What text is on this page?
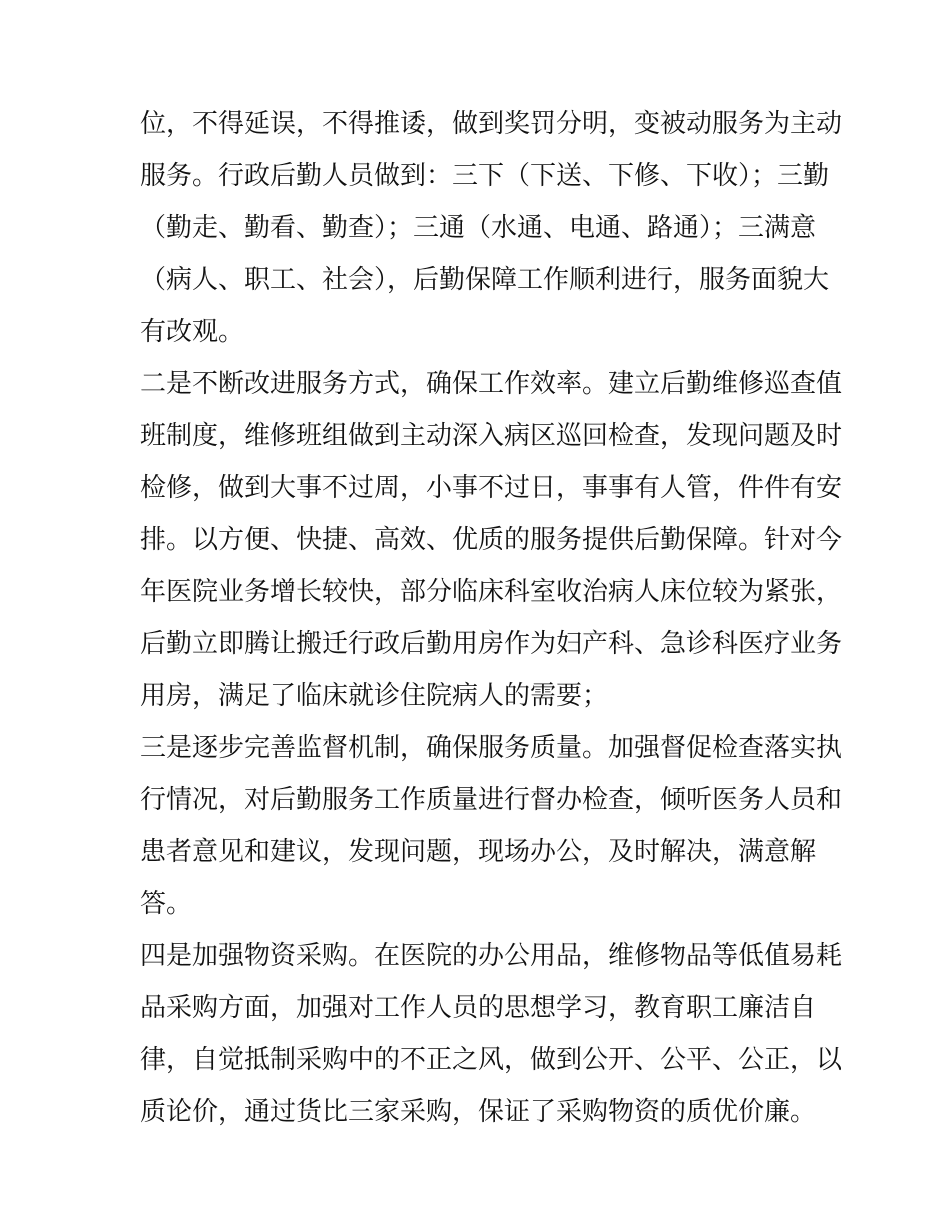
位，不得延误，不得推诿，做到奖罚分明，变被动服务为主动
服务。行政后勤人员做到：三下（下送、下修、下收）；三勤
（勤走、勤看、勤查）；三通（水通、电通、路通）；三满意
（病人、职工、社会），后勤保障工作顺利进行，服务面貌大
有改观。
二是不断改进服务方式，确保工作效率。建立后勤维修巡查值
班制度，维修班组做到主动深入病区巡回检查，发现问题及时
检修，做到大事不过周，小事不过日，事事有人管，件件有安
排。以方便、快捷、高效、优质的服务提供后勤保障。针对今
年医院业务增长较快，部分临床科室收治病人床位较为紧张，
后勤立即腾让搬迁行政后勤用房作为妇产科、急诊科医疗业务
用房，满足了临床就诊住院病人的需要；
三是逐步完善监督机制，确保服务质量。加强督促检查落实执
行情况，对后勤服务工作质量进行督办检查，倾听医务人员和
患者意见和建议，发现问题，现场办公，及时解决，满意解
答。
四是加强物资采购。在医院的办公用品，维修物品等低值易耗
品采购方面，加强对工作人员的思想学习，教育职工廉洁自
律，自觉抵制采购中的不正之风，做到公开、公平、公正，以
质论价，通过货比三家采购，保证了采购物资的质优价廉。
